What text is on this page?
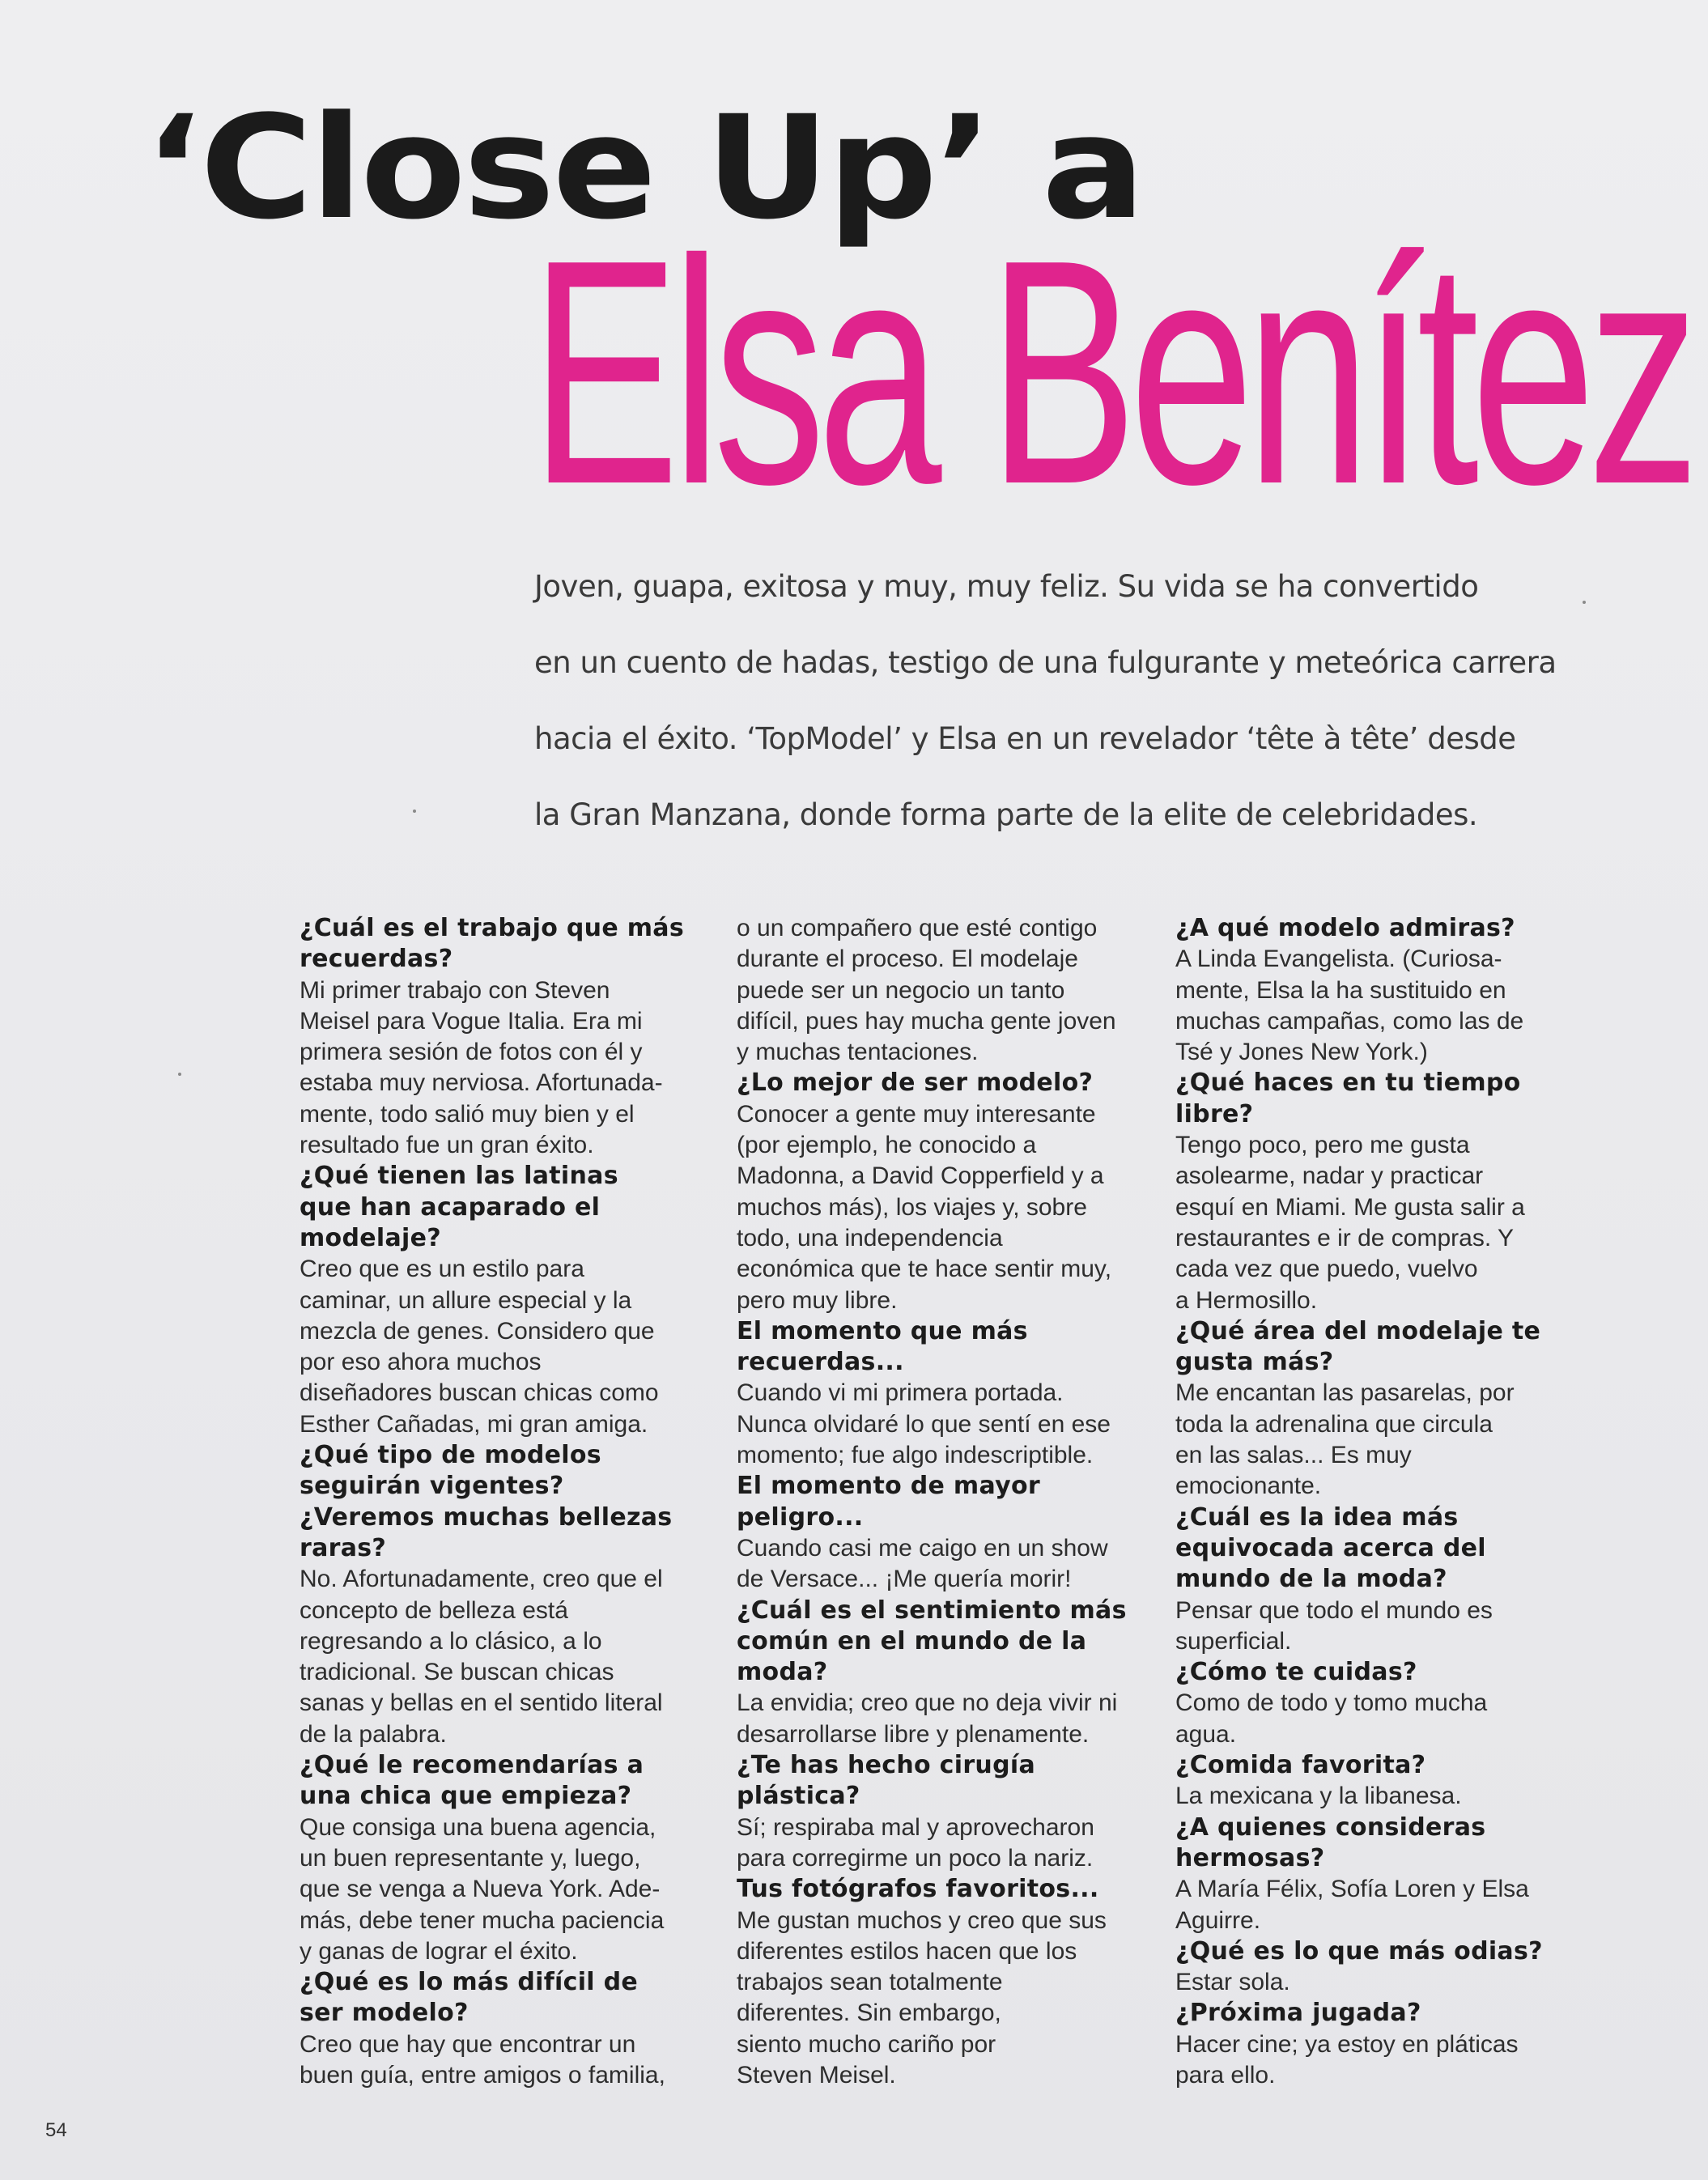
‘Close Up’ a
Elsa Benítez
Joven, guapa, exitosa y muy, muy feliz. Su vida se ha convertido
en un cuento de hadas, testigo de una fulgurante y meteórica carrera
hacia el éxito. ‘TopModel’ y Elsa en un revelador ‘tête à tête’ desde
la Gran Manzana, donde forma parte de la elite de celebridades.
¿Cuál es el trabajo que más
recuerdas?
Mi primer trabajo con Steven
Meisel para Vogue Italia. Era mi
primera sesión de fotos con él y
estaba muy nerviosa. Afortunada-
mente, todo salió muy bien y el
resultado fue un gran éxito.
¿Qué tienen las latinas
que han acaparado el
modelaje?
Creo que es un estilo para
caminar, un allure especial y la
mezcla de genes. Considero que
por eso ahora muchos
diseñadores buscan chicas como
Esther Cañadas, mi gran amiga.
¿Qué tipo de modelos
seguirán vigentes?
¿Veremos muchas bellezas
raras?
No. Afortunadamente, creo que el
concepto de belleza está
regresando a lo clásico, a lo
tradicional. Se buscan chicas
sanas y bellas en el sentido literal
de la palabra.
¿Qué le recomendarías a
una chica que empieza?
Que consiga una buena agencia,
un buen representante y, luego,
que se venga a Nueva York. Ade-
más, debe tener mucha paciencia
y ganas de lograr el éxito.
¿Qué es lo más difícil de
ser modelo?
Creo que hay que encontrar un
buen guía, entre amigos o familia,
o un compañero que esté contigo
durante el proceso. El modelaje
puede ser un negocio un tanto
difícil, pues hay mucha gente joven
y muchas tentaciones.
¿Lo mejor de ser modelo?
Conocer a gente muy interesante
(por ejemplo, he conocido a
Madonna, a David Copperfield y a
muchos más), los viajes y, sobre
todo, una independencia
económica que te hace sentir muy,
pero muy libre.
El momento que más
recuerdas...
Cuando vi mi primera portada.
Nunca olvidaré lo que sentí en ese
momento; fue algo indescriptible.
El momento de mayor
peligro...
Cuando casi me caigo en un show
de Versace... ¡Me quería morir!
¿Cuál es el sentimiento más
común en el mundo de la
moda?
La envidia; creo que no deja vivir ni
desarrollarse libre y plenamente.
¿Te has hecho cirugía
plástica?
Sí; respiraba mal y aprovecharon
para corregirme un poco la nariz.
Tus fotógrafos favoritos...
Me gustan muchos y creo que sus
diferentes estilos hacen que los
trabajos sean totalmente
diferentes. Sin embargo,
siento mucho cariño por
Steven Meisel.
¿A qué modelo admiras?
A Linda Evangelista. (Curiosa-
mente, Elsa la ha sustituido en
muchas campañas, como las de
Tsé y Jones New York.)
¿Qué haces en tu tiempo
libre?
Tengo poco, pero me gusta
asolearme, nadar y practicar
esquí en Miami. Me gusta salir a
restaurantes e ir de compras. Y
cada vez que puedo, vuelvo
a Hermosillo.
¿Qué área del modelaje te
gusta más?
Me encantan las pasarelas, por
toda la adrenalina que circula
en las salas... Es muy
emocionante.
¿Cuál es la idea más
equivocada acerca del
mundo de la moda?
Pensar que todo el mundo es
superficial.
¿Cómo te cuidas?
Como de todo y tomo mucha
agua.
¿Comida favorita?
La mexicana y la libanesa.
¿A quienes consideras
hermosas?
A María Félix, Sofía Loren y Elsa
Aguirre.
¿Qué es lo que más odias?
Estar sola.
¿Próxima jugada?
Hacer cine; ya estoy en pláticas
para ello.
54
